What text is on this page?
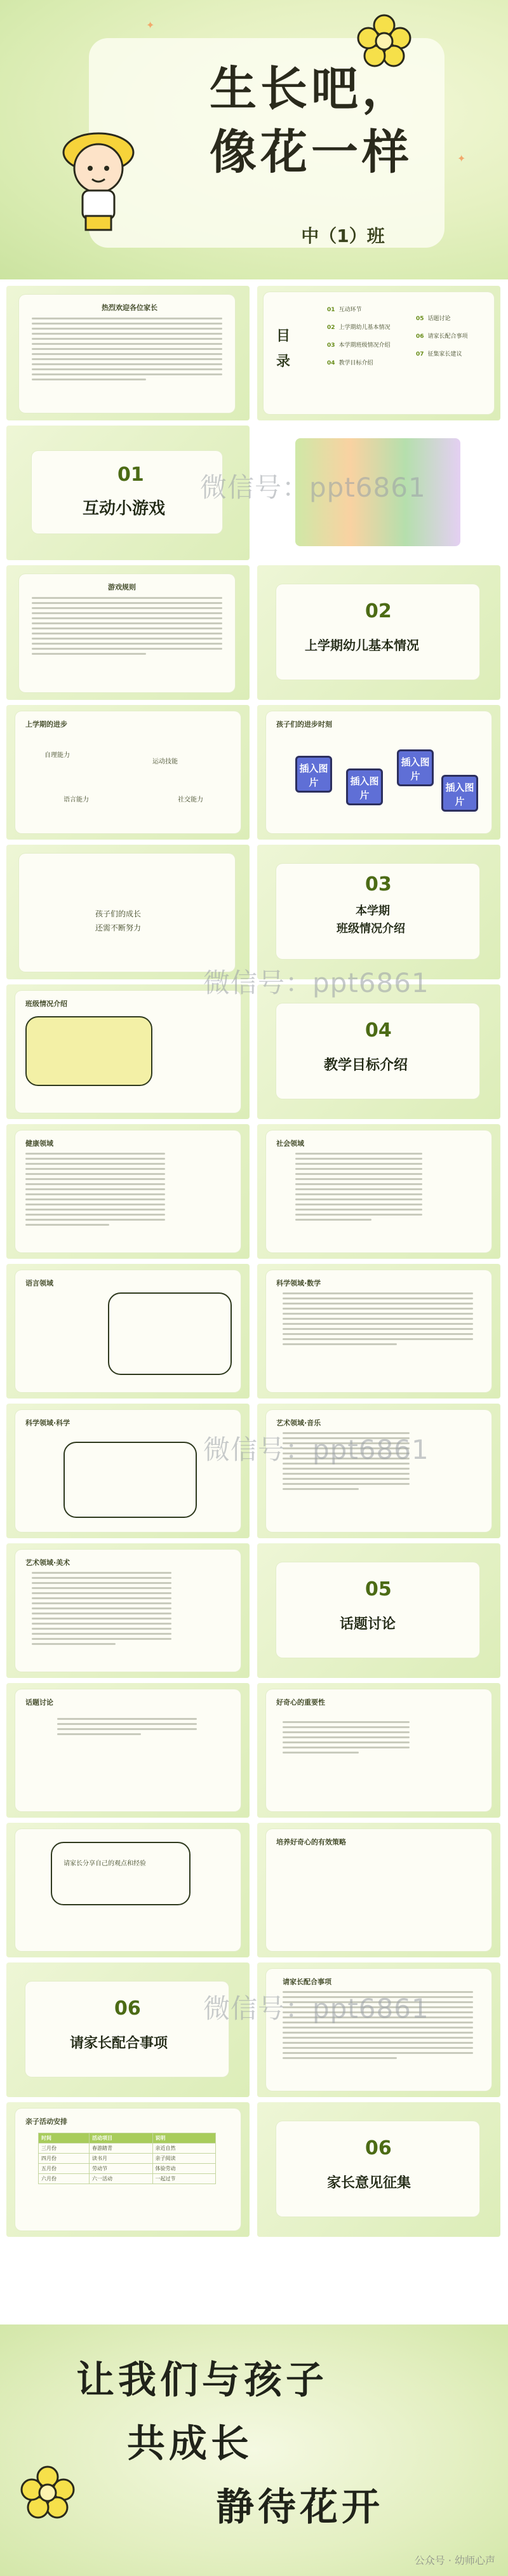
生长吧，
像花一样
中（1）班
✦
✦
热烈欢迎各位家长
目录
01 互动环节
02 上学期幼儿基本情况
03 本学期班级情况介绍
04 教学目标介绍
05 话题讨论
06 请家长配合事项
07 征集家长建议
01
互动小游戏
微信号：ppt6861
游戏规则
02
上学期幼儿基本情况
上学期的进步
自理能力
运动技能
语言能力	社交能力
孩子们的进步时刻
插入图片	插入图片
插入图片
插入图片
孩子们的成长
还需不断努力
03
本学期
班级情况介绍
班级情况介绍
04
教学目标介绍
微信号：ppt6861
健康领域	社会领域
语言领域	科学领域·数学
科学领域·科学	艺术领域·音乐
微信号：ppt6861
艺术领域·美术
05
话题讨论
话题讨论	好奇心的重要性
请家长分享自己的观点和经验
培养好奇心的有效策略
06
请家长配合事项
请家长配合事项
微信号：ppt6861
亲子活动安排
时间	活动项目	说明
三月份	春游踏青	亲近自然
四月份	读书月	亲子阅读
五月份	劳动节	体验劳动
六月份	六一活动	一起过节
06
家长意见征集
让我们与孩子
共成长
静待花开
公众号 · 幼师心声
